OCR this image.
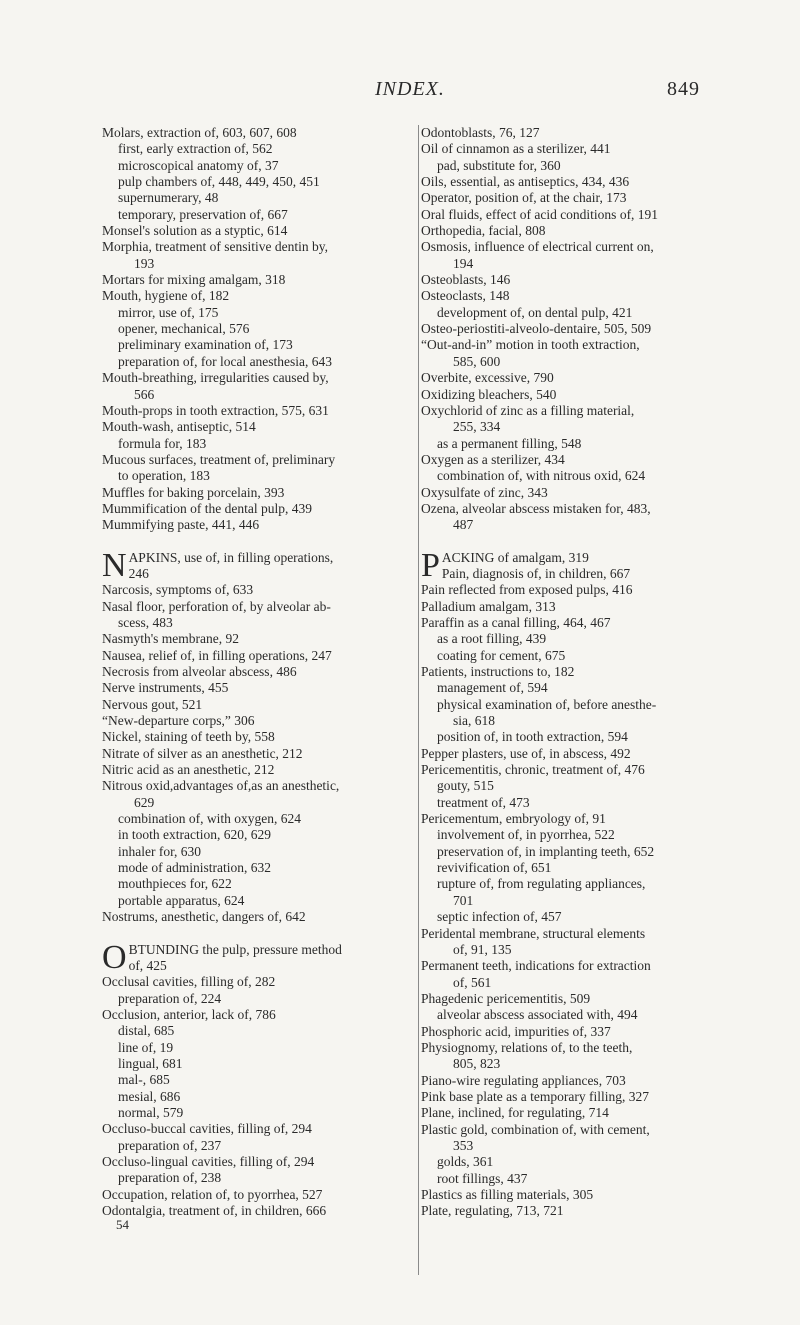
INDEX.	849
Molars, extraction of, 603, 607, 608
first, early extraction of, 562
microscopical anatomy of, 37
pulp chambers of, 448, 449, 450, 451
supernumerary, 48
temporary, preservation of, 667
Monsel's solution as a styptic, 614
Morphia, treatment of sensitive dentin by,
193
Mortars for mixing amalgam, 318
Mouth, hygiene of, 182
mirror, use of, 175
opener, mechanical, 576
preliminary examination of, 173
preparation of, for local anesthesia, 643
Mouth-breathing, irregularities caused by,
566
Mouth-props in tooth extraction, 575, 631
Mouth-wash, antiseptic, 514
formula for, 183
Mucous surfaces, treatment of, preliminary
to operation, 183
Muffles for baking porcelain, 393
Mummification of the dental pulp, 439
Mummifying paste, 441, 446
N APKINS, use of, in filling operations,
246
Narcosis, symptoms of, 633
Nasal floor, perforation of, by alveolar ab-
scess, 483
Nasmyth's membrane, 92
Nausea, relief of, in filling operations, 247
Necrosis from alveolar abscess, 486
Nerve instruments, 455
Nervous gout, 521
“New-departure corps,” 306
Nickel, staining of teeth by, 558
Nitrate of silver as an anesthetic, 212
Nitric acid as an anesthetic, 212
Nitrous oxid,advantages of,as an anesthetic,
629
combination of, with oxygen, 624
in tooth extraction, 620, 629
inhaler for, 630
mode of administration, 632
mouthpieces for, 622
portable apparatus, 624
Nostrums, anesthetic, dangers of, 642
O BTUNDING the pulp, pressure method
of, 425
Occlusal cavities, filling of, 282
preparation of, 224
Occlusion, anterior, lack of, 786
distal, 685
line of, 19
lingual, 681
mal-, 685
mesial, 686
normal, 579
Occluso-buccal cavities, filling of, 294
preparation of, 237
Occluso-lingual cavities, filling of, 294
preparation of, 238
Occupation, relation of, to pyorrhea, 527
Odontalgia, treatment of, in children, 666
Odontoblasts, 76, 127
Oil of cinnamon as a sterilizer, 441
pad, substitute for, 360
Oils, essential, as antiseptics, 434, 436
Operator, position of, at the chair, 173
Oral fluids, effect of acid conditions of, 191
Orthopedia, facial, 808
Osmosis, influence of electrical current on,
194
Osteoblasts, 146
Osteoclasts, 148
development of, on dental pulp, 421
Osteo-periostiti-alveolo-dentaire, 505, 509
“Out-and-in” motion in tooth extraction,
585, 600
Overbite, excessive, 790
Oxidizing bleachers, 540
Oxychlorid of zinc as a filling material,
255, 334
as a permanent filling, 548
Oxygen as a sterilizer, 434
combination of, with nitrous oxid, 624
Oxysulfate of zinc, 343
Ozena, alveolar abscess mistaken for, 483,
487
P ACKING of amalgam, 319
Pain, diagnosis of, in children, 667
Pain reflected from exposed pulps, 416
Palladium amalgam, 313
Paraffin as a canal filling, 464, 467
as a root filling, 439
coating for cement, 675
Patients, instructions to, 182
management of, 594
physical examination of, before anesthe-
sia, 618
position of, in tooth extraction, 594
Pepper plasters, use of, in abscess, 492
Pericementitis, chronic, treatment of, 476
gouty, 515
treatment of, 473
Pericementum, embryology of, 91
involvement of, in pyorrhea, 522
preservation of, in implanting teeth, 652
revivification of, 651
rupture of, from regulating appliances,
701
septic infection of, 457
Peridental membrane, structural elements
of, 91, 135
Permanent teeth, indications for extraction
of, 561
Phagedenic pericementitis, 509
alveolar abscess associated with, 494
Phosphoric acid, impurities of, 337
Physiognomy, relations of, to the teeth,
805, 823
Piano-wire regulating appliances, 703
Pink base plate as a temporary filling, 327
Plane, inclined, for regulating, 714
Plastic gold, combination of, with cement,
353
golds, 361
root fillings, 437
Plastics as filling materials, 305
Plate, regulating, 713, 721
54
